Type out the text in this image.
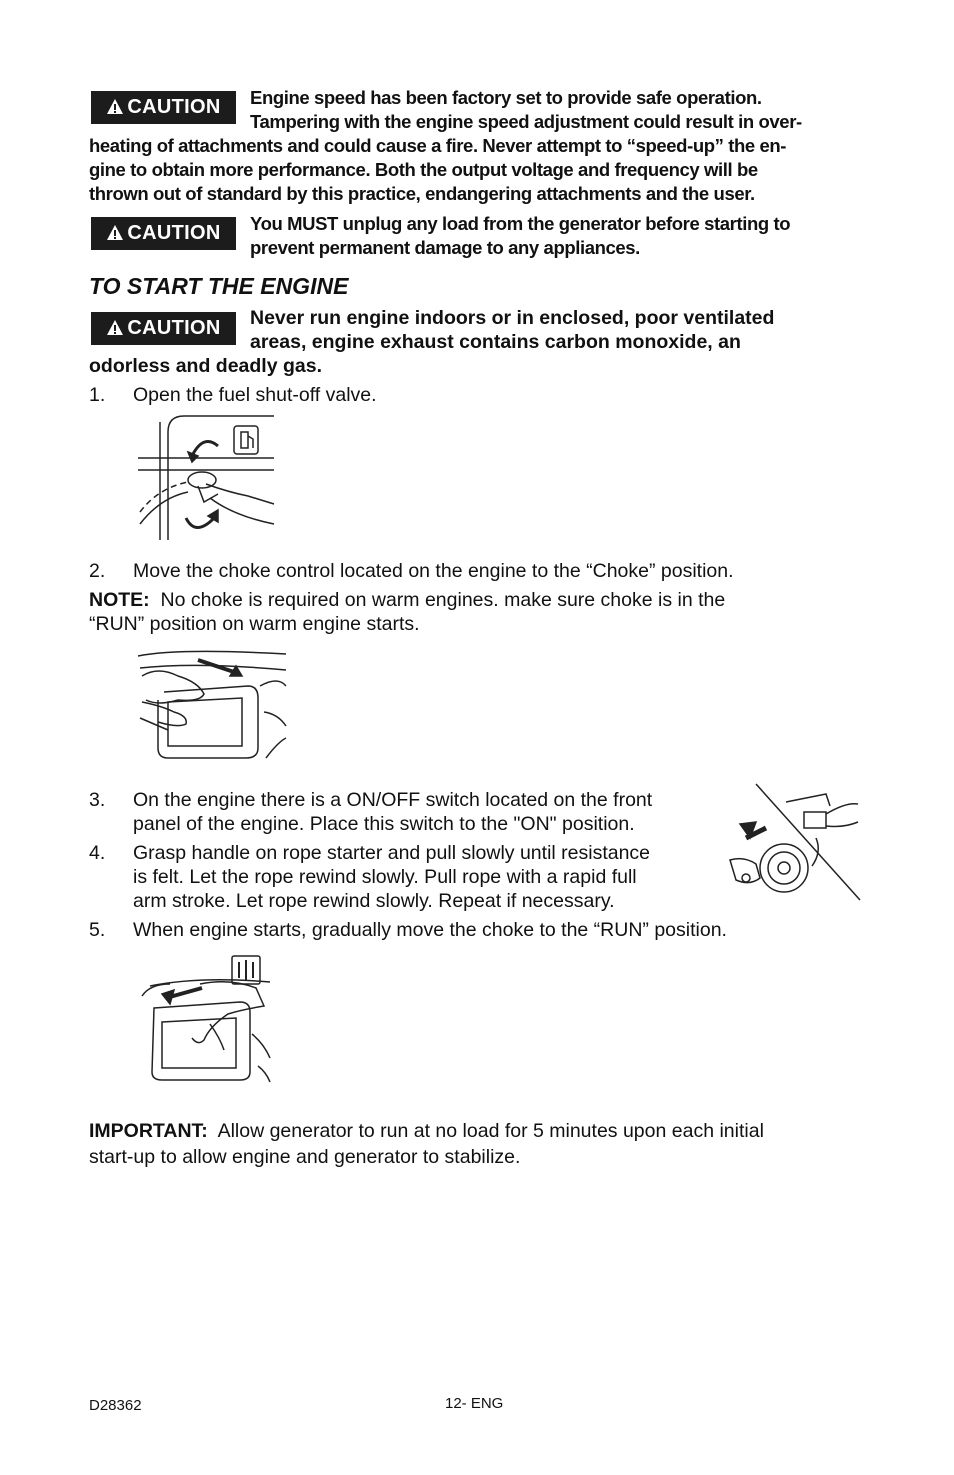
CAUTION	Engine speed has been factory set to provide safe operation.
Tampering with the engine speed adjustment could result in over-
heating of attachments and could cause a fire. Never attempt to “speed-up” the en-
gine to obtain more performance. Both the output voltage and frequency will be
thrown out of standard by this practice, endangering attachments and the user.
CAUTION	You MUST unplug any load from the generator before starting to
prevent permanent damage to any appliances.
TO START THE ENGINE
CAUTION	Never run engine indoors or in enclosed, poor ventilated
areas, engine exhaust contains carbon monoxide, an
odorless and deadly gas.
1. Open the fuel shut-off valve.
2. Move the choke control located on the engine to the “Choke” position.
NOTE: No choke is required on warm engines. make sure choke is in the
“RUN” position on warm engine starts.
3. On the engine there is a ON/OFF switch located on the front
panel of the engine. Place this switch to the "ON" position.
4. Grasp handle on rope starter and pull slowly until resistance
is felt. Let the rope rewind slowly. Pull rope with a rapid full
arm stroke. Let rope rewind slowly. Repeat if necessary.
5. When engine starts, gradually move the choke to the “RUN” position.
IMPORTANT: Allow generator to run at no load for 5 minutes upon each initial
start-up to allow engine and generator to stabilize.
D28362	12- ENG
